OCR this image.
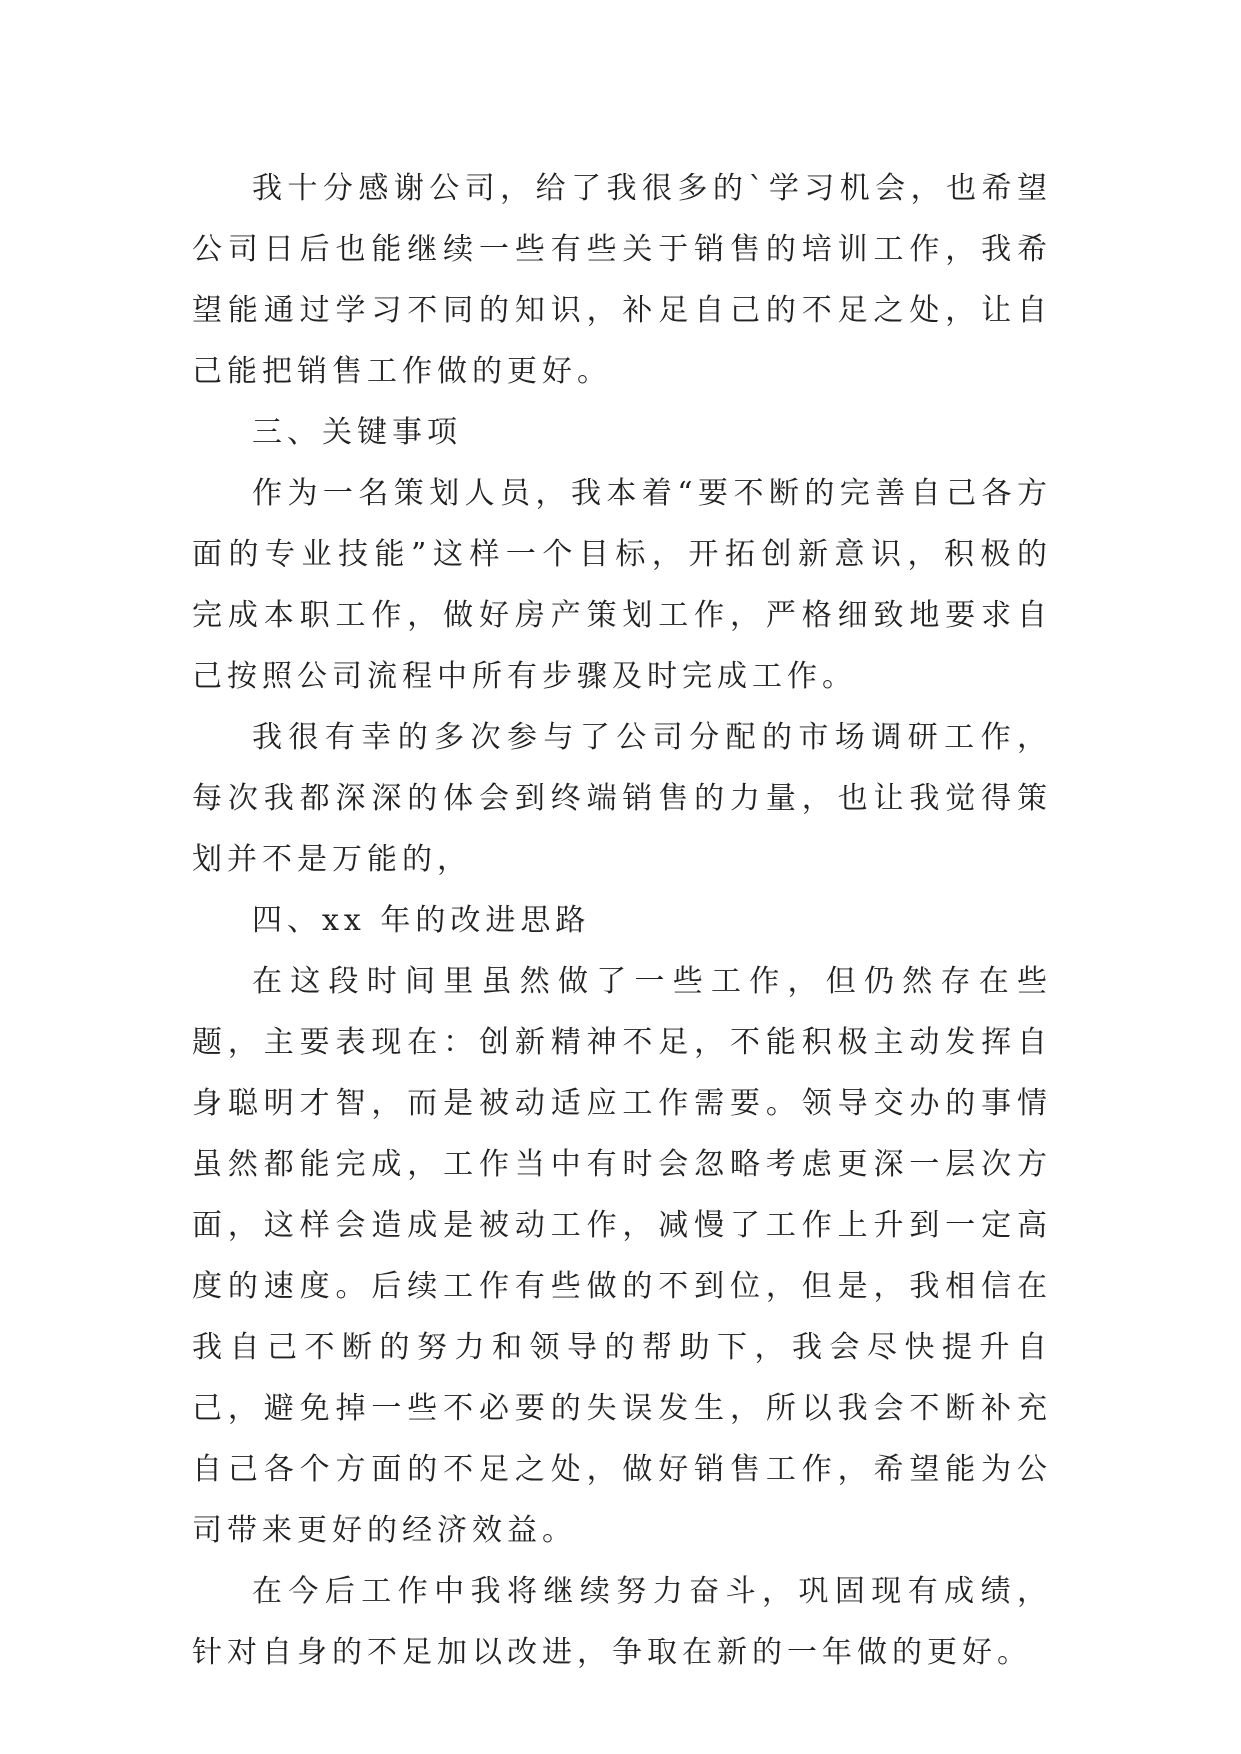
我十分感谢公司，给了我很多的`学习机会，也希望公司日后也能继续一些有些关于销售的培训工作，我希望能通过学习不同的知识，补足自己的不足之处，让自己能把销售工作做的更好。

三、关键事项

作为一名策划人员，我本着“要不断的完善自己各方面的专业技能”这样一个目标，开拓创新意识，积极的完成本职工作，做好房产策划工作，严格细致地要求自己按照公司流程中所有步骤及时完成工作。

我很有幸的多次参与了公司分配的市场调研工作，每次我都深深的体会到终端销售的力量，也让我觉得策划并不是万能的，

四、xx 年的改进思路

在这段时间里虽然做了一些工作，但仍然存在些题，主要表现在：创新精神不足，不能积极主动发挥自身聪明才智，而是被动适应工作需要。领导交办的事情虽然都能完成，工作当中有时会忽略考虑更深一层次方面，这样会造成是被动工作，减慢了工作上升到一定高度的速度。后续工作有些做的不到位，但是，我相信在我自己不断的努力和领导的帮助下，我会尽快提升自己，避免掉一些不必要的失误发生，所以我会不断补充自己各个方面的不足之处，做好销售工作，希望能为公司带来更好的经济效益。

在今后工作中我将继续努力奋斗，巩固现有成绩，针对自身的不足加以改进，争取在新的一年做的更好。
